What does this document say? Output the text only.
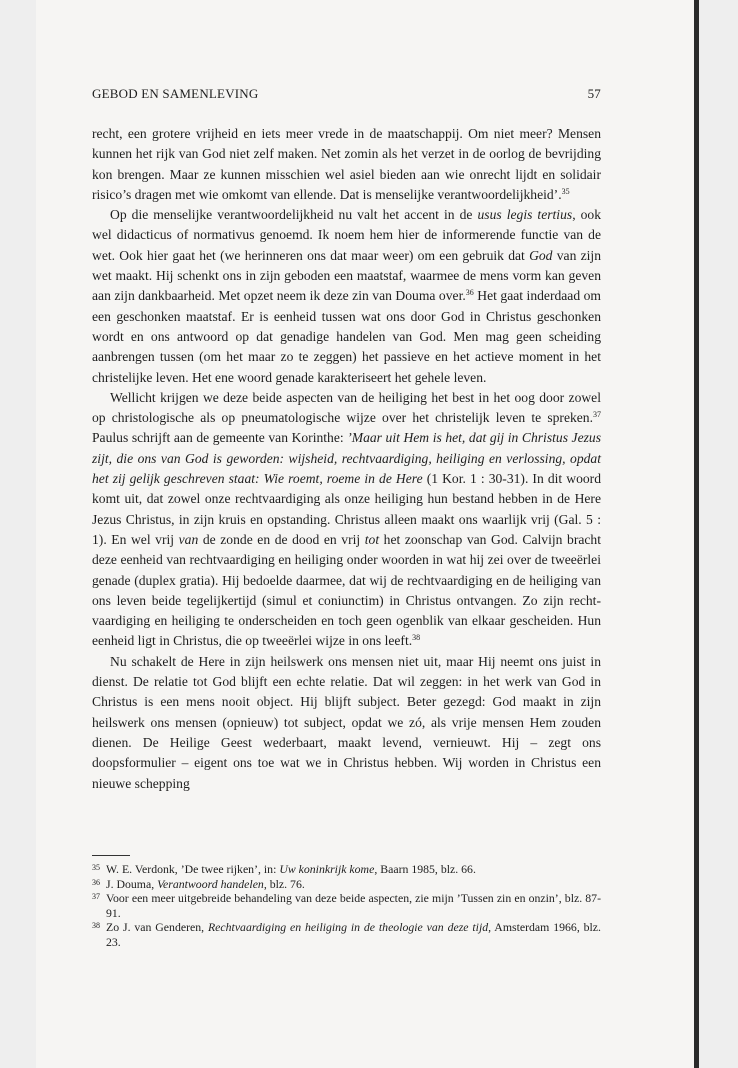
GEBOD EN SAMENLEVING	57

recht, een grotere vrijheid en iets meer vrede in de maatschappij. Om niet meer? Mensen kunnen het rijk van God niet zelf maken. Net zomin als het verzet in de oorlog de bevrijding kon brengen. Maar ze kunnen misschien wel asiel bieden aan wie onrecht lijdt en solidair risico’s dragen met wie omkomt van ellende. Dat is menselijke verantwoordelijkheid’.$^{35}$

Op die menselijke verantwoordelijkheid nu valt het accent in de usus legis tertius, ook wel didacticus of normativus genoemd. Ik noem hem hier de informerende functie van de wet. Ook hier gaat het (we herinneren ons dat maar weer) om een gebruik dat God van zijn wet maakt. Hij schenkt ons in zijn geboden een maatstaf, waarmee de mens vorm kan geven aan zijn dankbaarheid. Met opzet neem ik deze zin van Douma over.$^{36}$ Het gaat inderdaad om een geschonken maatstaf. Er is eenheid tussen wat ons door God in Christus geschonken wordt en ons antwoord op dat genadige handelen van God. Men mag geen scheiding aanbrengen tussen (om het maar zo te zeggen) het passieve en het actieve moment in het christelijke leven. Het ene woord genade karakteriseert het gehele leven.

Wellicht krijgen we deze beide aspecten van de heiliging het best in het oog door zowel op christologische als op pneumatologische wijze over het christelijk leven te spreken.$^{37}$ Paulus schrijft aan de gemeente van Korinthe: ’Maar uit Hem is het, dat gij in Christus Jezus zijt, die ons van God is geworden: wijsheid, rechtvaardiging, heiliging en verlossing, opdat het zij gelijk geschreven staat: Wie roemt, roeme in de Here (1 Kor. 1 : 30-31). In dit woord komt uit, dat zowel onze rechtvaardiging als onze heiliging hun bestand hebben in de Here Jezus Christus, in zijn kruis en opstanding. Christus alleen maakt ons waarlijk vrij (Gal. 5 : 1). En wel vrij van de zonde en de dood en vrij tot het zoonschap van God. Calvijn bracht deze eenheid van rechtvaardiging en heiliging onder woorden in wat hij zei over de tweeërlei genade (duplex gratia). Hij bedoelde daarmee, dat wij de rechtvaardiging en de heiliging van ons leven beide tegelijkertijd (simul et coniunctim) in Christus ontvangen. Zo zijn rechtvaardiging en heiliging te onderscheiden en toch geen ogenblik van elkaar gescheiden. Hun eenheid ligt in Christus, die op tweeërlei wijze in ons leeft.$^{38}$

Nu schakelt de Here in zijn heilswerk ons mensen niet uit, maar Hij neemt ons juist in dienst. De relatie tot God blijft een echte relatie. Dat wil zeggen: in het werk van God in Christus is een mens nooit object. Hij blijft subject. Beter gezegd: God maakt in zijn heilswerk ons mensen (opnieuw) tot subject, opdat we zó, als vrije mensen Hem zouden dienen. De Heilige Geest wederbaart, maakt levend, vernieuwt. Hij – zegt ons doopsformulier – eigent ons toe wat we in Christus hebben. Wij worden in Christus een nieuwe schepping

35 W. E. Verdonk, ’De twee rijken’, in: Uw koninkrijk kome, Baarn 1985, blz. 66.
36 J. Douma, Verantwoord handelen, blz. 76.
37 Voor een meer uitgebreide behandeling van deze beide aspecten, zie mijn ’Tussen zin en onzin’, blz. 87-91.
38 Zo J. van Genderen, Rechtvaardiging en heiliging in de theologie van deze tijd, Amsterdam 1966, blz. 23.
